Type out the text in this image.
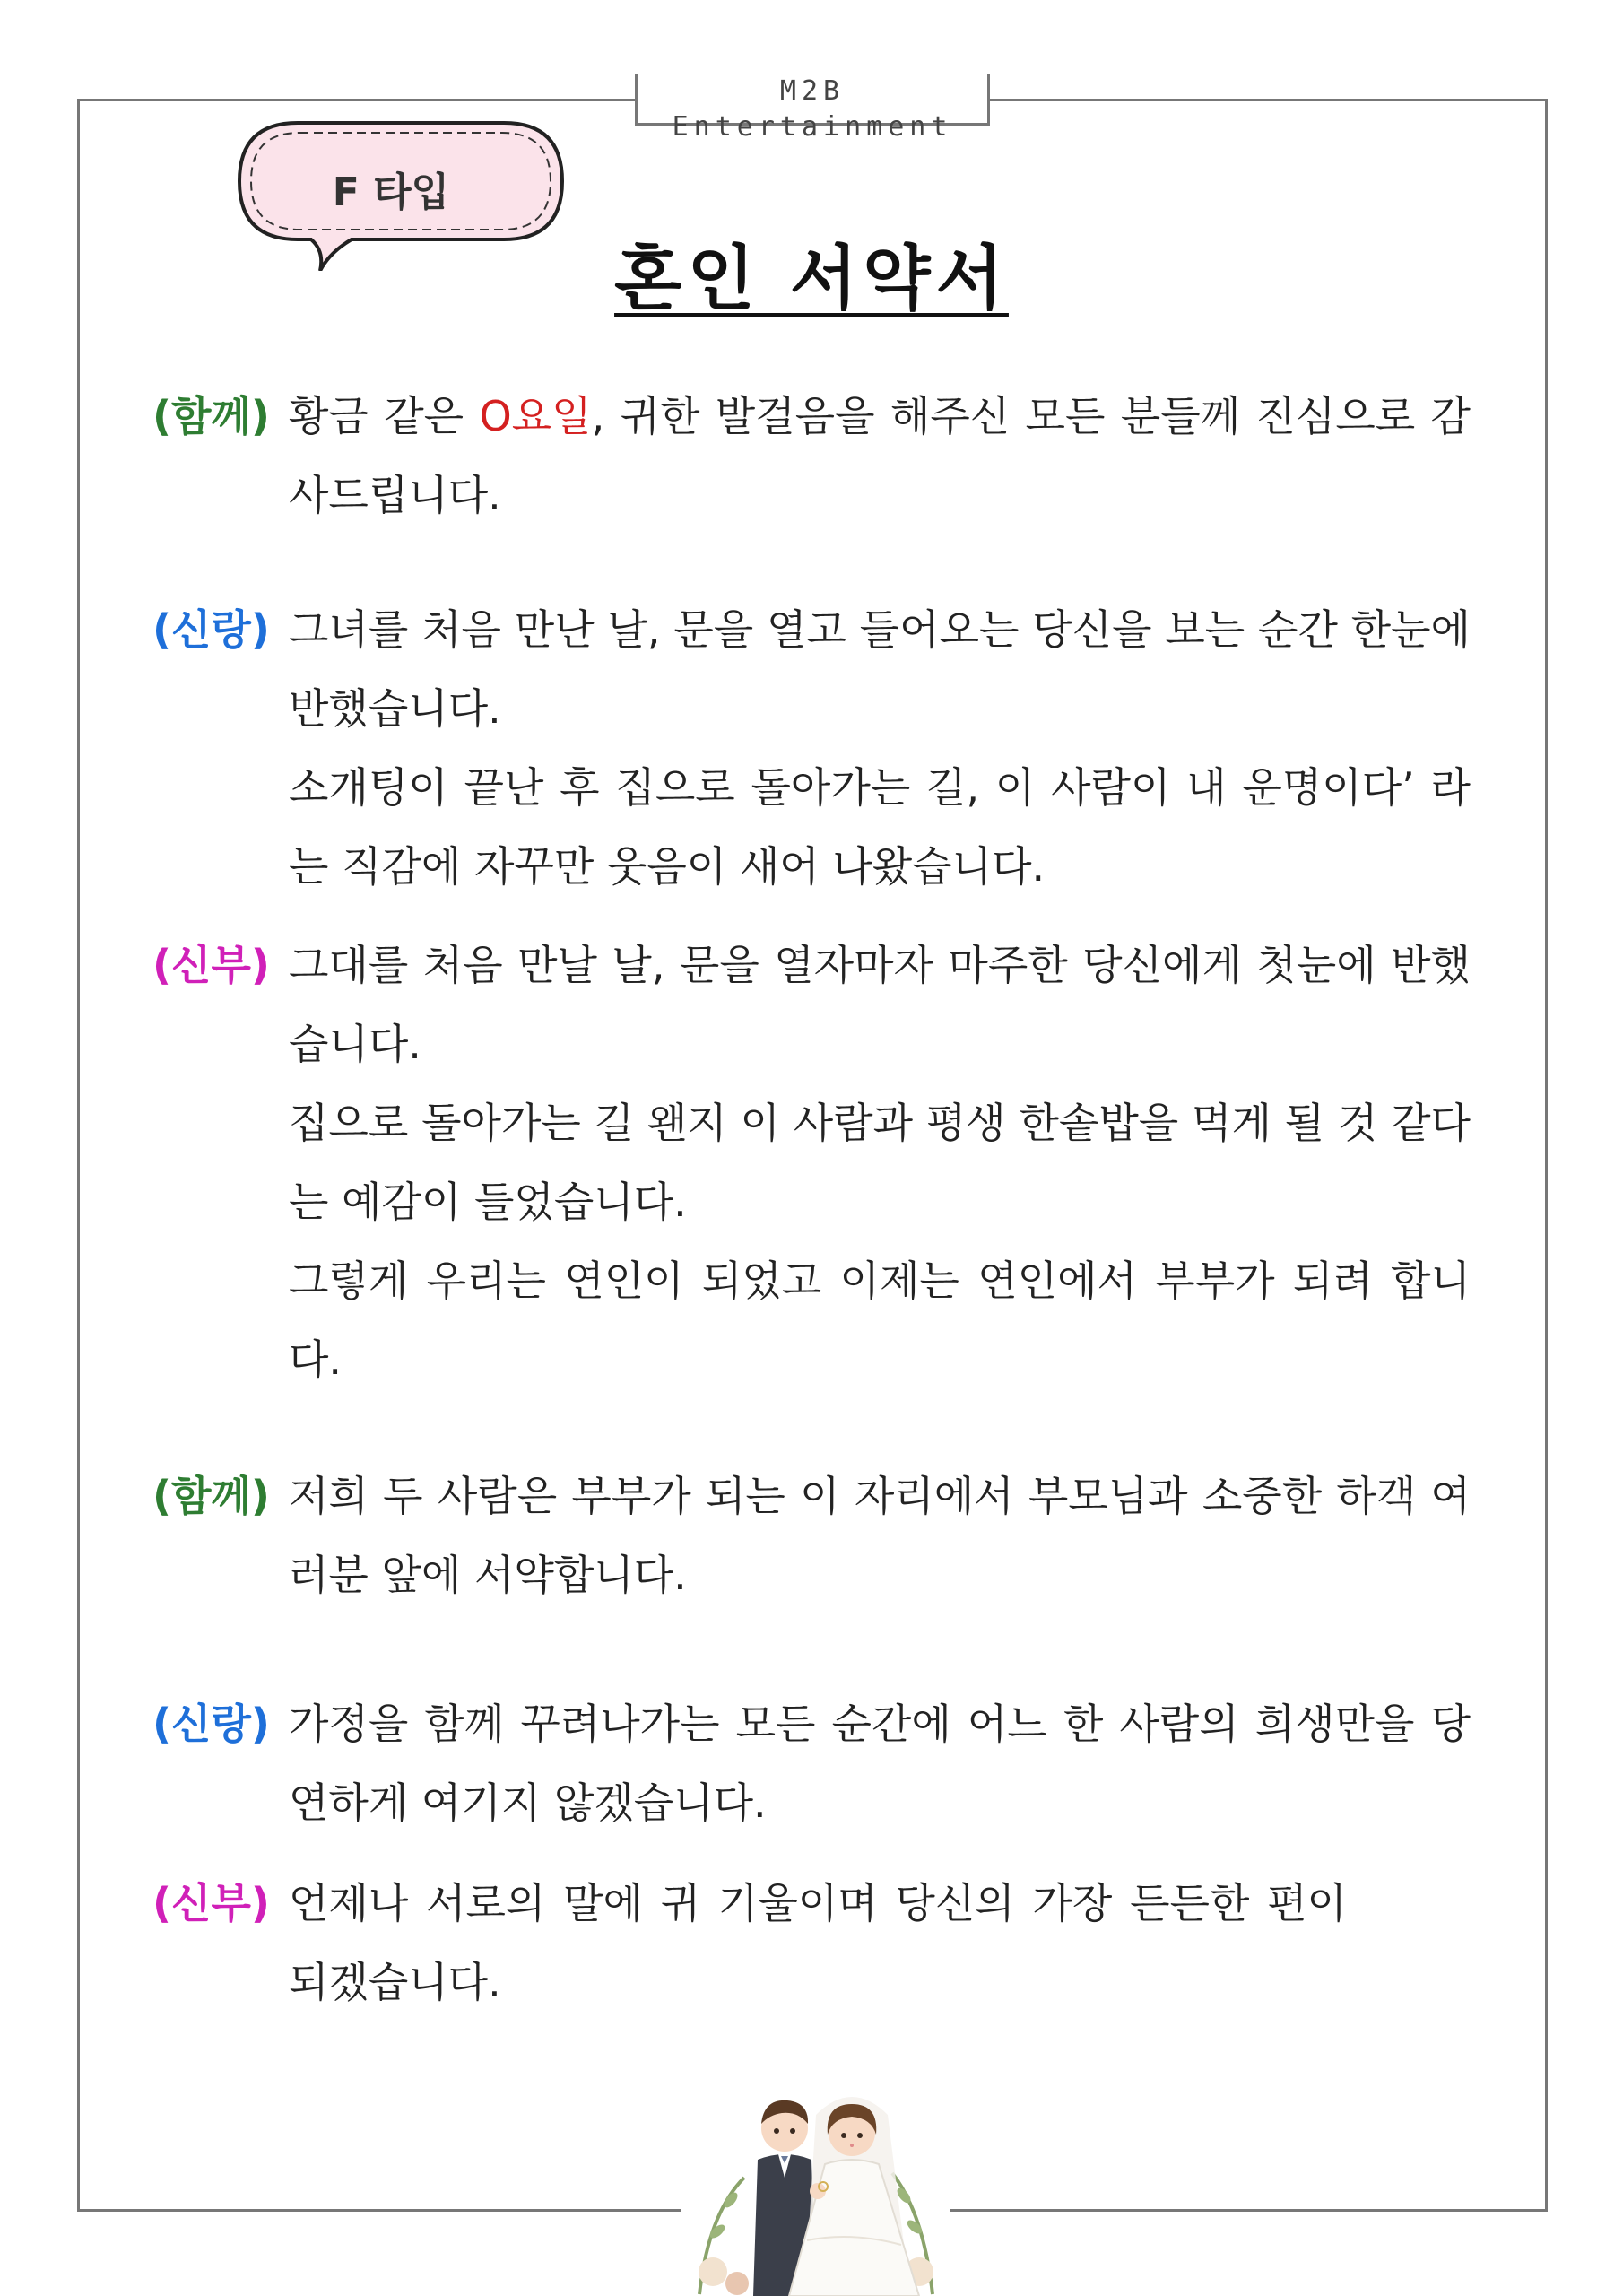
M2B Entertainment
F 타입
혼인 서약서
(함께) 황금 같은 O요일, 귀한 발걸음을 해주신 모든 분들께 진심으로 감사드립니다.

(신랑) 그녀를 처음 만난 날, 문을 열고 들어오는 당신을 보는 순간 한눈에 반했습니다.

소개팅이 끝난 후 집으로 돌아가는 길, 이 사람이 내 운명이다’ 라는 직감에 자꾸만 웃음이 새어 나왔습니다.

(신부) 그대를 처음 만날 날, 문을 열자마자 마주한 당신에게 첫눈에 반했습니다.

집으로 돌아가는 길 왠지 이 사람과 평생 한솥밥을 먹게 될 것 같다는 예감이 들었습니다.

그렇게 우리는 연인이 되었고 이제는 연인에서 부부가 되려 합니다.

(함께) 저희 두 사람은 부부가 되는 이 자리에서 부모님과 소중한 하객 여러분 앞에 서약합니다.

(신랑) 가정을 함께 꾸려나가는 모든 순간에 어느 한 사람의 희생만을 당연하게 여기지 않겠습니다.

(신부) 언제나 서로의 말에 귀 기울이며 당신의 가장 든든한 편이 되겠습니다.
